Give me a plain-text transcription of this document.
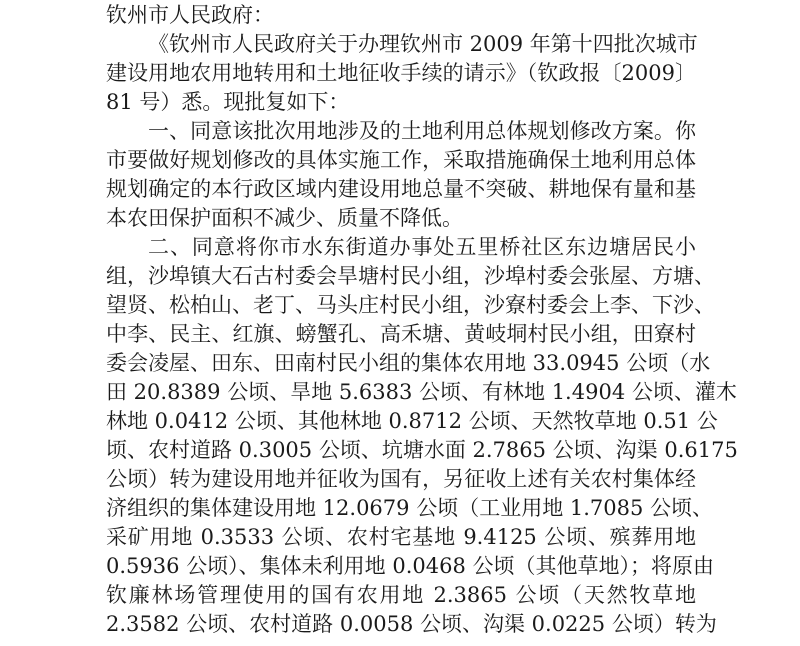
钦州市人民政府：
《钦州市人民政府关于办理钦州市 2009 年第十四批次城市
建设用地农用地转用和土地征收手续的请示》（钦政报〔2009〕
81 号）悉。现批复如下：
一、同意该批次用地涉及的土地利用总体规划修改方案。你
市要做好规划修改的具体实施工作，采取措施确保土地利用总体
规划确定的本行政区域内建设用地总量不突破、耕地保有量和基
本农田保护面积不减少、质量不降低。
二、同意将你市水东街道办事处五里桥社区东边塘居民小
组，沙埠镇大石古村委会旱塘村民小组，沙埠村委会张屋、方塘、
望贤、松柏山、老丁、马头庄村民小组，沙寮村委会上李、下沙、
中李、民主、红旗、螃蟹孔、高禾塘、黄岐垌村民小组，田寮村
委会凌屋、田东、田南村民小组的集体农用地 33.0945 公顷（水
田 20.8389 公顷、旱地 5.6383 公顷、有林地 1.4904 公顷、灌木
林地 0.0412 公顷、其他林地 0.8712 公顷、天然牧草地 0.51 公
顷、农村道路 0.3005 公顷、坑塘水面 2.7865 公顷、沟渠 0.6175
公顷）转为建设用地并征收为国有，另征收上述有关农村集体经
济组织的集体建设用地 12.0679 公顷（工业用地 1.7085 公顷、
采矿用地 0.3533 公顷、农村宅基地 9.4125 公顷、殡葬用地
0.5936 公顷）、集体未利用地 0.0468 公顷（其他草地）；将原由
钦廉林场管理使用的国有农用地 2.3865 公顷（天然牧草地
2.3582 公顷、农村道路 0.0058 公顷、沟渠 0.0225 公顷）转为
